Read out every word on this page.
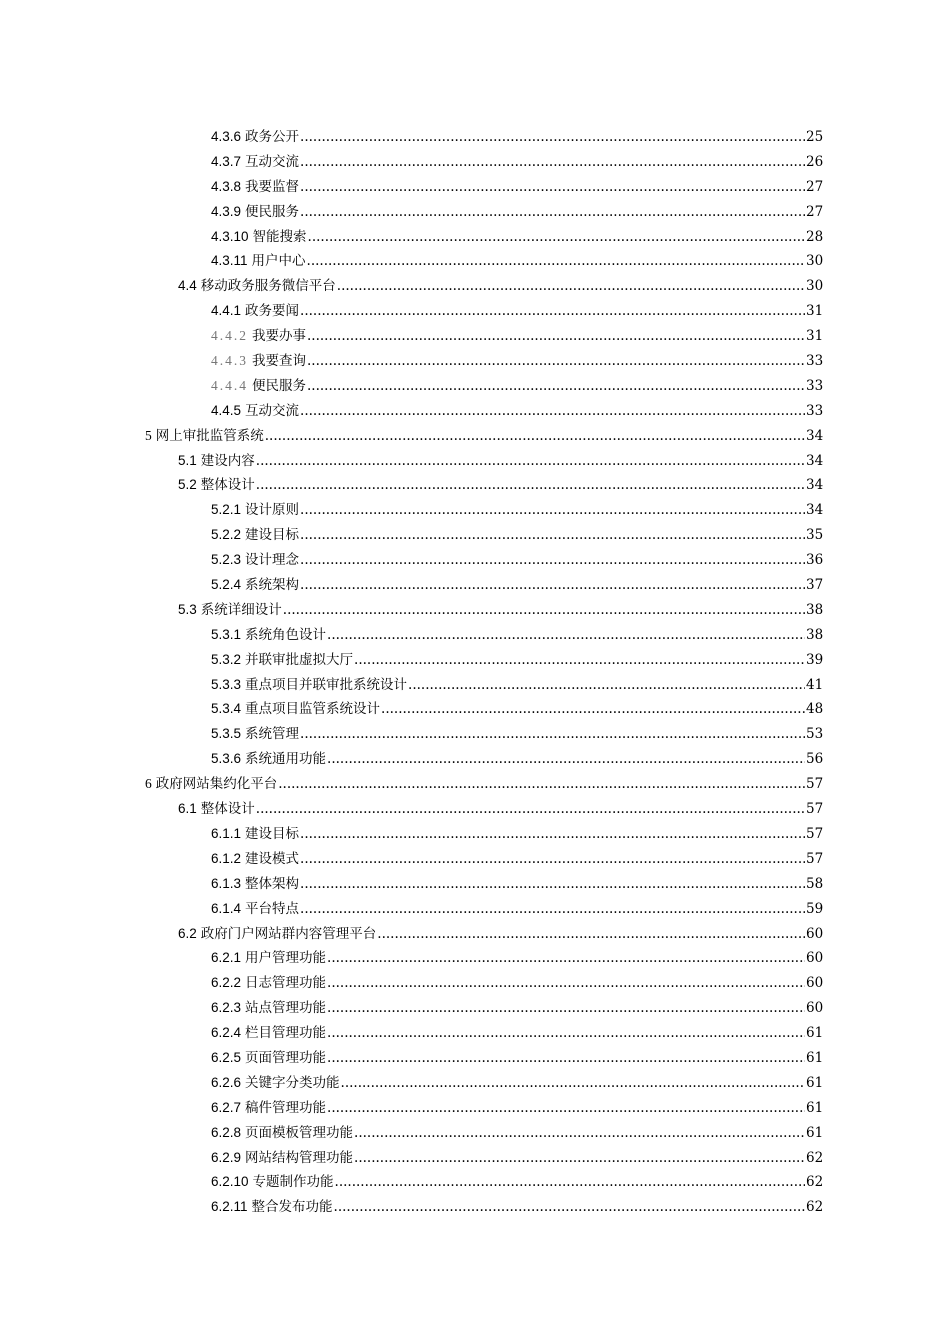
4.3.6 政务公开 .....	25
4.3.7 互动交流 .....	26
4.3.8 我要监督 .....	27
4.3.9 便民服务 .....	27
4.3.10 智能搜索 .....	28
4.3.11 用户中心 .....	30
4.4 移动政务服务微信平台 .....	30
4.4.1 政务要闻 .....	31
4.4.2 我要办事 .....	31
4.4.3 我要查询 .....	33
4.4.4 便民服务 .....	33
4.4.5 互动交流 .....	33
5 网上审批监管系统 .....	34
5.1 建设内容 .....	34
5.2 整体设计 .....	34
5.2.1 设计原则 .....	34
5.2.2 建设目标 .....	35
5.2.3 设计理念 .....	36
5.2.4 系统架构 .....	37
5.3 系统详细设计 .....	38
5.3.1 系统角色设计 .....	38
5.3.2 并联审批虚拟大厅 .....	39
5.3.3 重点项目并联审批系统设计 .....	41
5.3.4 重点项目监管系统设计 .....	48
5.3.5 系统管理 .....	53
5.3.6 系统通用功能 .....	56
6 政府网站集约化平台 .....	57
6.1 整体设计 .....	57
6.1.1 建设目标 .....	57
6.1.2 建设模式 .....	57
6.1.3 整体架构 .....	58
6.1.4 平台特点 .....	59
6.2 政府门户网站群内容管理平台 .....	60
6.2.1 用户管理功能 .....	60
6.2.2 日志管理功能 .....	60
6.2.3 站点管理功能 .....	60
6.2.4 栏目管理功能 .....	61
6.2.5 页面管理功能 .....	61
6.2.6 关键字分类功能 .....	61
6.2.7 稿件管理功能 .....	61
6.2.8 页面模板管理功能 .....	61
6.2.9 网站结构管理功能 .....	62
6.2.10 专题制作功能 .....	62
6.2.11 整合发布功能 .....	62
